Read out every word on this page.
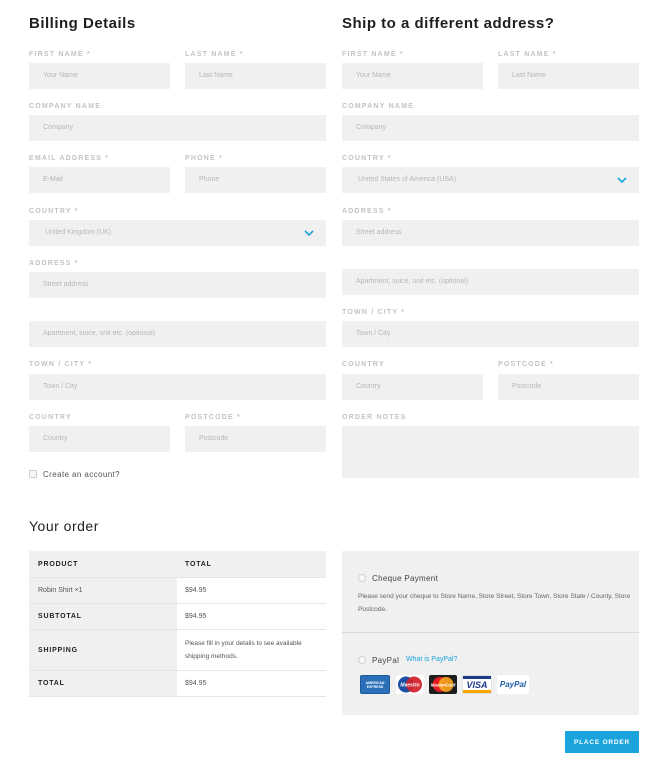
Billing Details
FIRST NAME *
Your Name
LAST NAME *
Last Name
COMPANY NAME
Company
EMAIL ADDRESS *
E-Mail
PHONE *
Phone
COUNTRY *
United Kingdom (UK)
ADDRESS *
Street address
Apartment, suice, unit etc. (optional)
TOWN / CITY *
Town / City
COUNTRY
Country
POSTCODE *
Postcode
Create an account?
Ship to a different address?
FIRST NAME *
Your Name
LAST NAME *
Last Name
COMPANY NAME
Company
COUNTRY *
United States of America (USA)
ADDRESS *
Street address
Apartment, suice, unit etc. (optional)
TOWN / CITY *
Town / City
COUNTRY
Country
POSTCODE *
Postcode
ORDER NOTES
Your order
PRODUCT	TOTAL
Robin Shirt ×1	$94.95
SUBTOTAL	$94.95
SHIPPING
Please fill in your details to see available shipping methods.
TOTAL	$94.95
Cheque Payment
Please send your cheque to Store Name, Store Street, Store Town, Store State / County, Store Postcode.
PayPal What is PayPal?
AMERICAN EXPRESS	Maestro MasterCard VISA PayPal
PLACE ORDER
